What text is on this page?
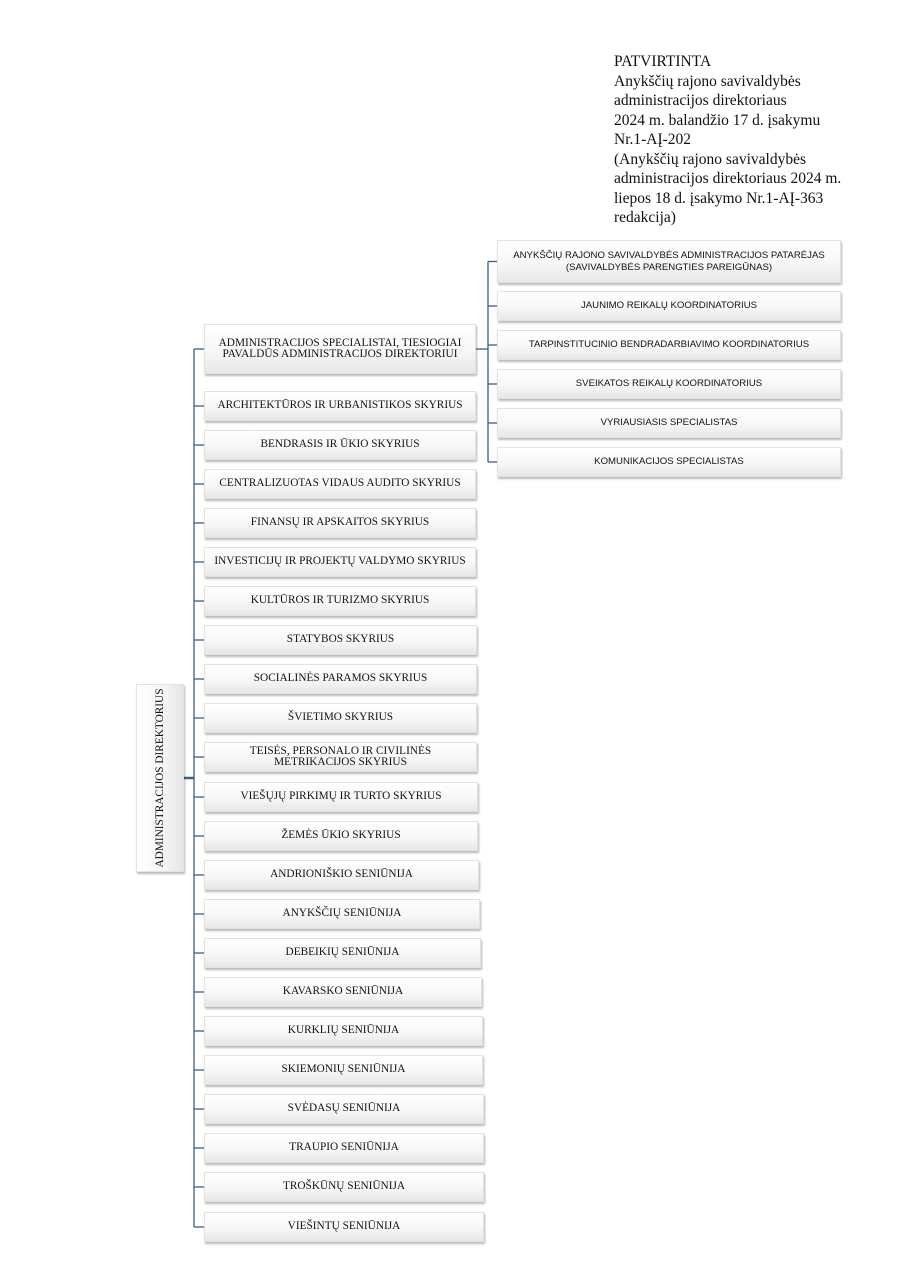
PATVIRTINTA
Anykščių rajono savivaldybės
administracijos direktoriaus
2024 m. balandžio 17 d. įsakymu
Nr.1-AĮ-202
(Anykščių rajono savivaldybės
administracijos direktoriaus 2024 m.
liepos 18 d. įsakymo Nr.1-AĮ-363
redakcija)
ADMINISTRACIJOS DIREKTORIUS
ADMINISTRACIJOS SPECIALISTAI, TIESIOGIAI PAVALDŪS ADMINISTRACIJOS DIREKTORIUI
ARCHITEKTŪROS IR URBANISTIKOS SKYRIUS
BENDRASIS IR ŪKIO SKYRIUS
CENTRALIZUOTAS VIDAUS AUDITO SKYRIUS
FINANSŲ IR APSKAITOS SKYRIUS
INVESTICIJŲ IR PROJEKTŲ VALDYMO SKYRIUS
KULTŪROS IR TURIZMO SKYRIUS
STATYBOS SKYRIUS
SOCIALINĖS PARAMOS SKYRIUS
ŠVIETIMO SKYRIUS
TEISĖS, PERSONALO IR CIVILINĖS METRIKACIJOS SKYRIUS
VIEŠŲJŲ PIRKIMŲ IR TURTO SKYRIUS
ŽEMĖS ŪKIO SKYRIUS
ANDRIONIŠKIO SENIŪNIJA
ANYKŠČIŲ SENIŪNIJA
DEBEIKIŲ SENIŪNIJA
KAVARSKO SENIŪNIJA
KURKLIŲ SENIŪNIJA
SKIEMONIŲ SENIŪNIJA
SVĖDASŲ SENIŪNIJA
TRAUPIO SENIŪNIJA
TROŠKŪNŲ SENIŪNIJA
VIEŠINTŲ SENIŪNIJA
ANYKŠČIŲ RAJONO SAVIVALDYBĖS ADMINISTRACIJOS PATARĖJAS (SAVIVALDYBĖS PARENGTIES PAREIGŪNAS)
JAUNIMO REIKALŲ KOORDINATORIUS
TARPINSTITUCINIO BENDRADARBIAVIMO KOORDINATORIUS
SVEIKATOS REIKALŲ KOORDINATORIUS
VYRIAUSIASIS SPECIALISTAS
KOMUNIKACIJOS SPECIALISTAS
